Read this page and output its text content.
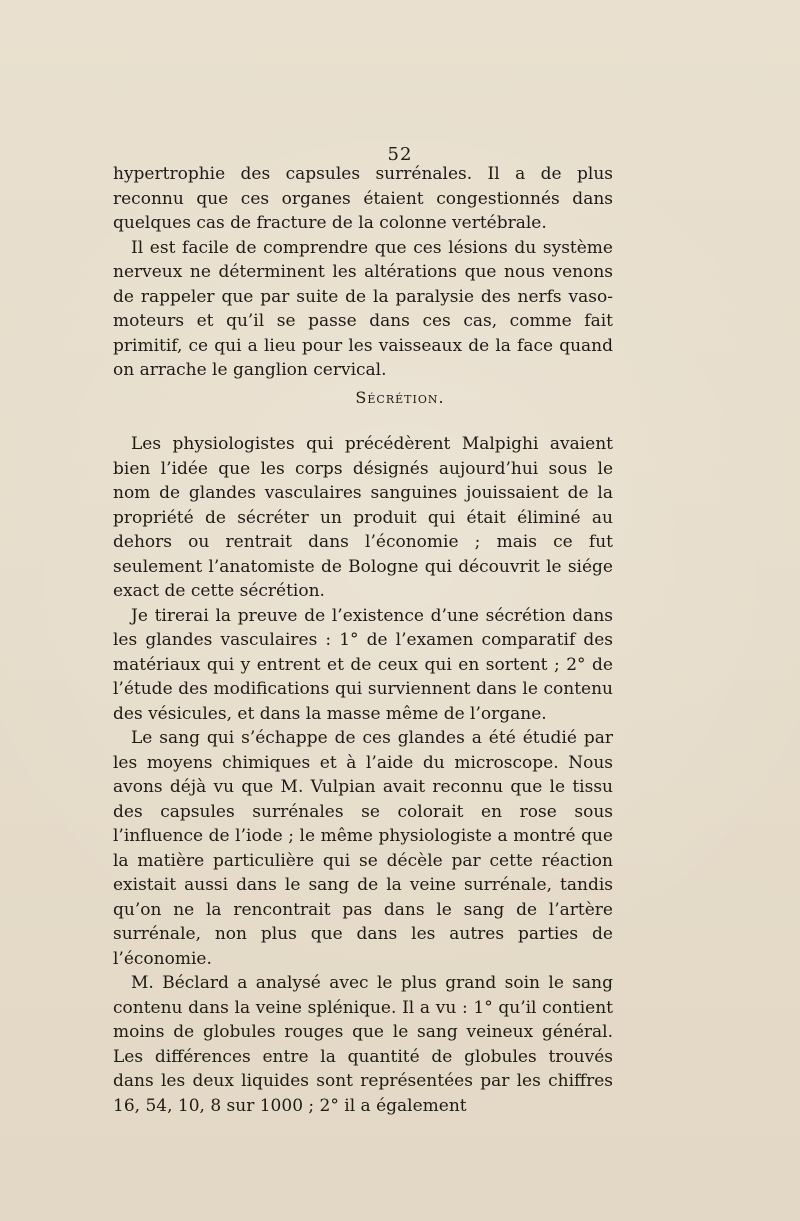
52

hypertrophie des capsules surrénales. Il a de plus reconnu que ces organes étaient congestionnés dans quelques cas de fracture de la colonne vertébrale.

Il est facile de comprendre que ces lésions du système nerveux ne déterminent les altérations que nous venons de rappeler que par suite de la paralysie des nerfs vaso-moteurs et qu’il se passe dans ces cas, comme fait primitif, ce qui a lieu pour les vaisseaux de la face quand on arrache le ganglion cervical.

Sécrétion.

Les physiologistes qui précédèrent Malpighi avaient bien l’idée que les corps désignés aujourd’hui sous le nom de glandes vasculaires sanguines jouissaient de la propriété de sécréter un produit qui était éliminé au dehors ou rentrait dans l’économie ; mais ce fut seulement l’anatomiste de Bologne qui découvrit le siége exact de cette sécrétion.

Je tirerai la preuve de l’existence d’une sécrétion dans les glandes vasculaires : 1° de l’examen comparatif des matériaux qui y entrent et de ceux qui en sortent ; 2° de l’étude des modifications qui surviennent dans le contenu des vésicules, et dans la masse même de l’organe.

Le sang qui s’échappe de ces glandes a été étudié par les moyens chimiques et à l’aide du microscope. Nous avons déjà vu que M. Vulpian avait reconnu que le tissu des capsules surrénales se colorait en rose sous l’influence de l’iode ; le même physiologiste a montré que la matière particulière qui se décèle par cette réaction existait aussi dans le sang de la veine surrénale, tandis qu’on ne la rencontrait pas dans le sang de l’artère surrénale, non plus que dans les autres parties de l’économie.

M. Béclard a analysé avec le plus grand soin le sang contenu dans la veine splénique. Il a vu : 1° qu’il contient moins de globules rouges que le sang veineux général. Les différences entre la quantité de globules trouvés dans les deux liquides sont représentées par les chiffres 16, 54, 10, 8 sur 1000 ; 2° il a également
